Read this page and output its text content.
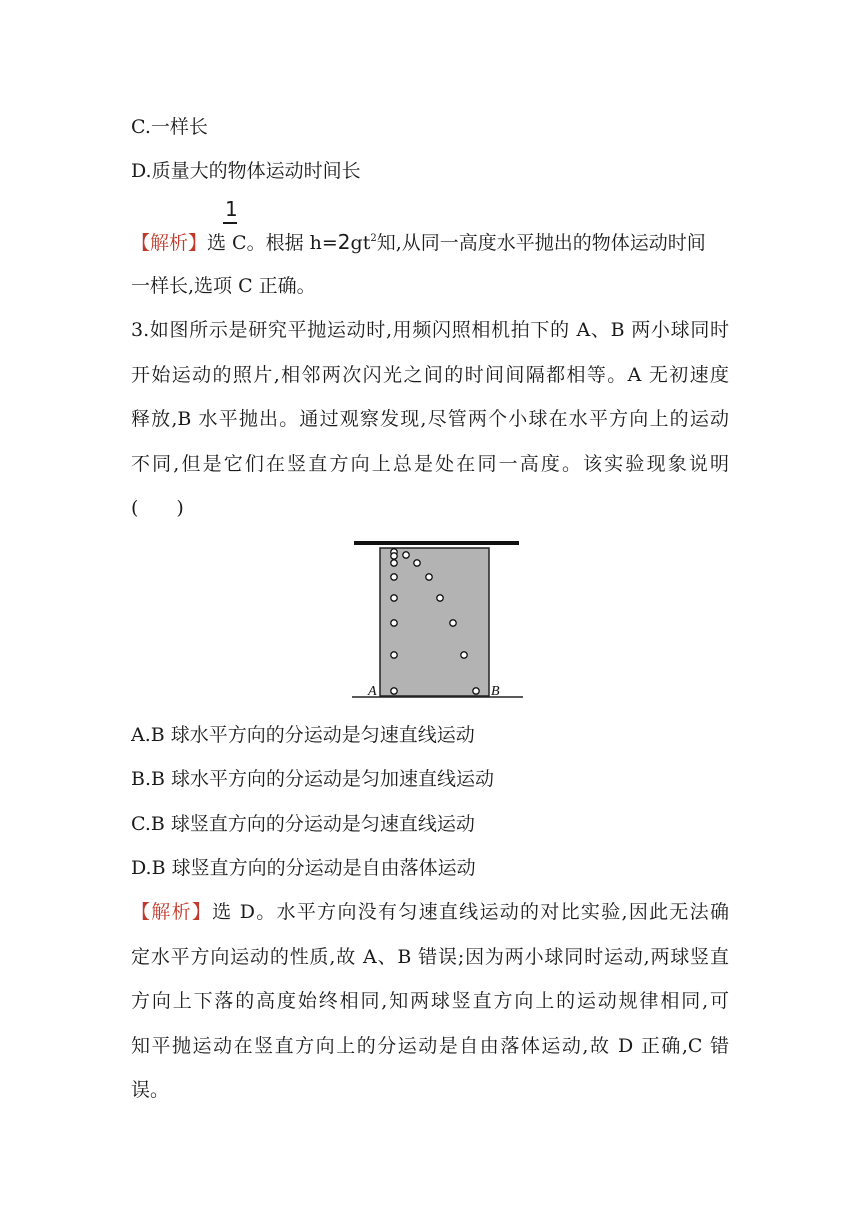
C.一样长
D.质量大的物体运动时间长
1
【解析】选 C。根据 $h=2gt^2$知,从同一高度水平抛出的物体运动时间
一样长,选项 C 正确。
3.如图所示是研究平抛运动时,用频闪照相机拍下的 A、B 两小球同时
开始运动的照片,相邻两次闪光之间的时间间隔都相等。A 无初速度
释放,B 水平抛出。通过观察发现,尽管两个小球在水平方向上的运动
不同,但是它们在竖直方向上总是处在同一高度。该实验现象说明
(　　)
A	B
A.B 球水平方向的分运动是匀速直线运动
B.B 球水平方向的分运动是匀加速直线运动
C.B 球竖直方向的分运动是匀速直线运动
D.B 球竖直方向的分运动是自由落体运动
【解析】选 D。水平方向没有匀速直线运动的对比实验,因此无法确
定水平方向运动的性质,故 A、B 错误;因为两小球同时运动,两球竖直
方向上下落的高度始终相同,知两球竖直方向上的运动规律相同,可
知平抛运动在竖直方向上的分运动是自由落体运动,故 D 正确,C 错
误。
